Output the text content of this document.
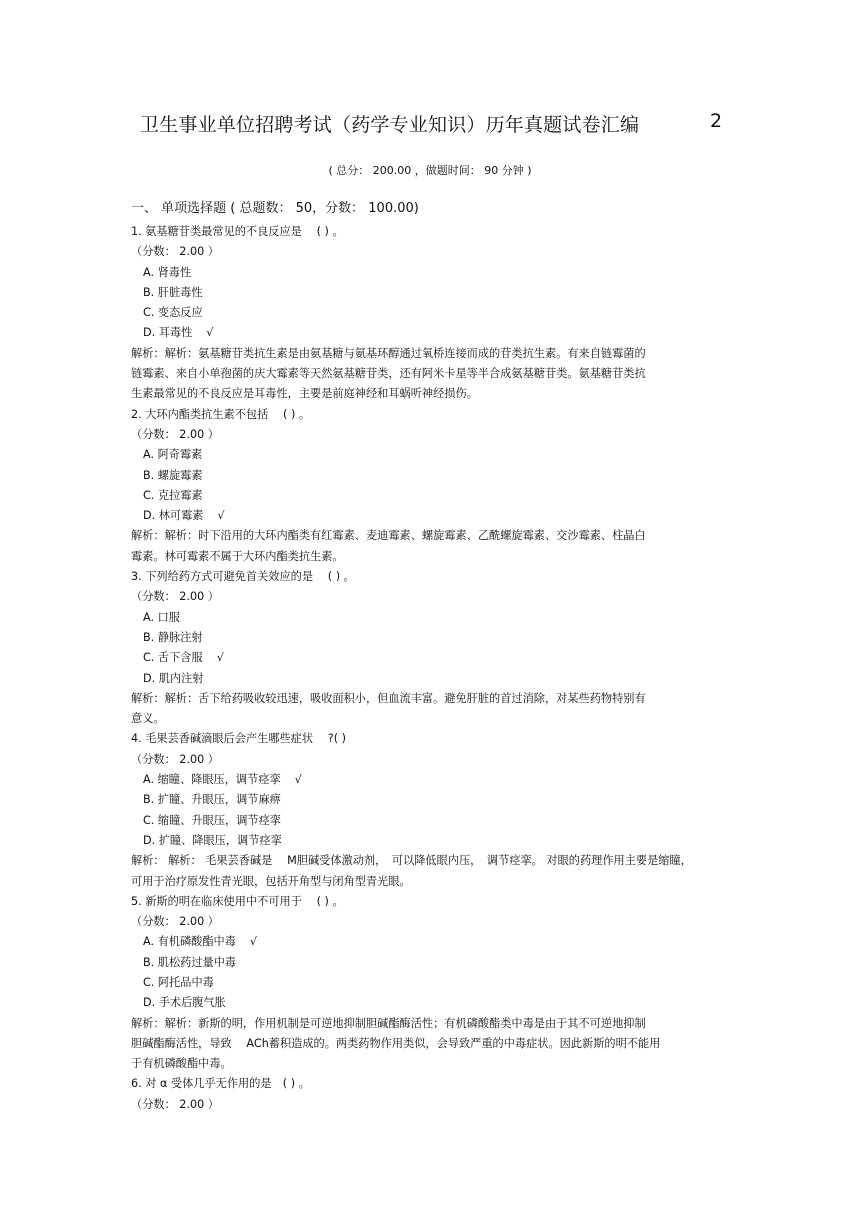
卫生事业单位招聘考试（药学专业知识）历年真题试卷汇编	2
( 总分： 200.00 ，做题时间： 90 分钟 )
一、 单项选择题 ( 总题数： 50，分数： 100.00)
1. 氨基糖苷类最常见的不良反应是　 ( ) 。
（分数： 2.00 ）
A. 肾毒性
B. 肝脏毒性
C. 变态反应
D. 耳毒性 √
解析：解析：氨基糖苷类抗生素是由氨基糖与氨基环醇通过氧桥连接而成的苷类抗生素。有来自链霉菌的
链霉素、来自小单孢菌的庆大霉素等天然氨基糖苷类，还有阿米卡星等半合成氨基糖苷类。氨基糖苷类抗
生素最常见的不良反应是耳毒性，主要是前庭神经和耳蜗听神经损伤。
2. 大环内酯类抗生素不包括　 ( ) 。
（分数： 2.00 ）
A. 阿奇霉素
B. 螺旋霉素
C. 克拉霉素
D. 林可霉素 √
解析：解析：时下沿用的大环内酯类有红霉素、麦迪霉素、螺旋霉素、乙酰螺旋霉素、交沙霉素、柱晶白
霉素。林可霉素不属于大环内酯类抗生素。
3. 下列给药方式可避免首关效应的是　 ( ) 。
（分数： 2.00 ）
A. 口服
B. 静脉注射
C. 舌下含服 √
D. 肌内注射
解析：解析：舌下给药吸收较迅速，吸收面积小，但血流丰富。避免肝脏的首过消除，对某些药物特别有
意义。
4. 毛果芸香碱滴眼后会产生哪些症状　 ?( )
（分数： 2.00 ）
A. 缩瞳、降眼压，调节痉挛 √
B. 扩瞳、升眼压，调节麻痹
C. 缩瞳、升眼压，调节痉挛
D. 扩瞳、降眼压，调节痉挛
解析： 解析： 毛果芸香碱是　 M胆碱受体激动剂，　可以降低眼内压，　调节痉挛。 对眼的药理作用主要是缩瞳，
可用于治疗原发性青光眼，包括开角型与闭角型青光眼。
5. 新斯的明在临床使用中不可用于　 ( ) 。
（分数： 2.00 ）
A. 有机磷酸酯中毒 √
B. 肌松药过量中毒
C. 阿托品中毒
D. 手术后腹气胀
解析：解析：新斯的明，作用机制是可逆地抑制胆碱酯酶活性；有机磷酸酯类中毒是由于其不可逆地抑制
胆碱酯酶活性，导致　 ACh蓄积造成的。两类药物作用类似，会导致严重的中毒症状。因此新斯的明不能用
于有机磷酸酯中毒。
6. 对 α 受体几乎无作用的是　( ) 。
（分数： 2.00 ）
